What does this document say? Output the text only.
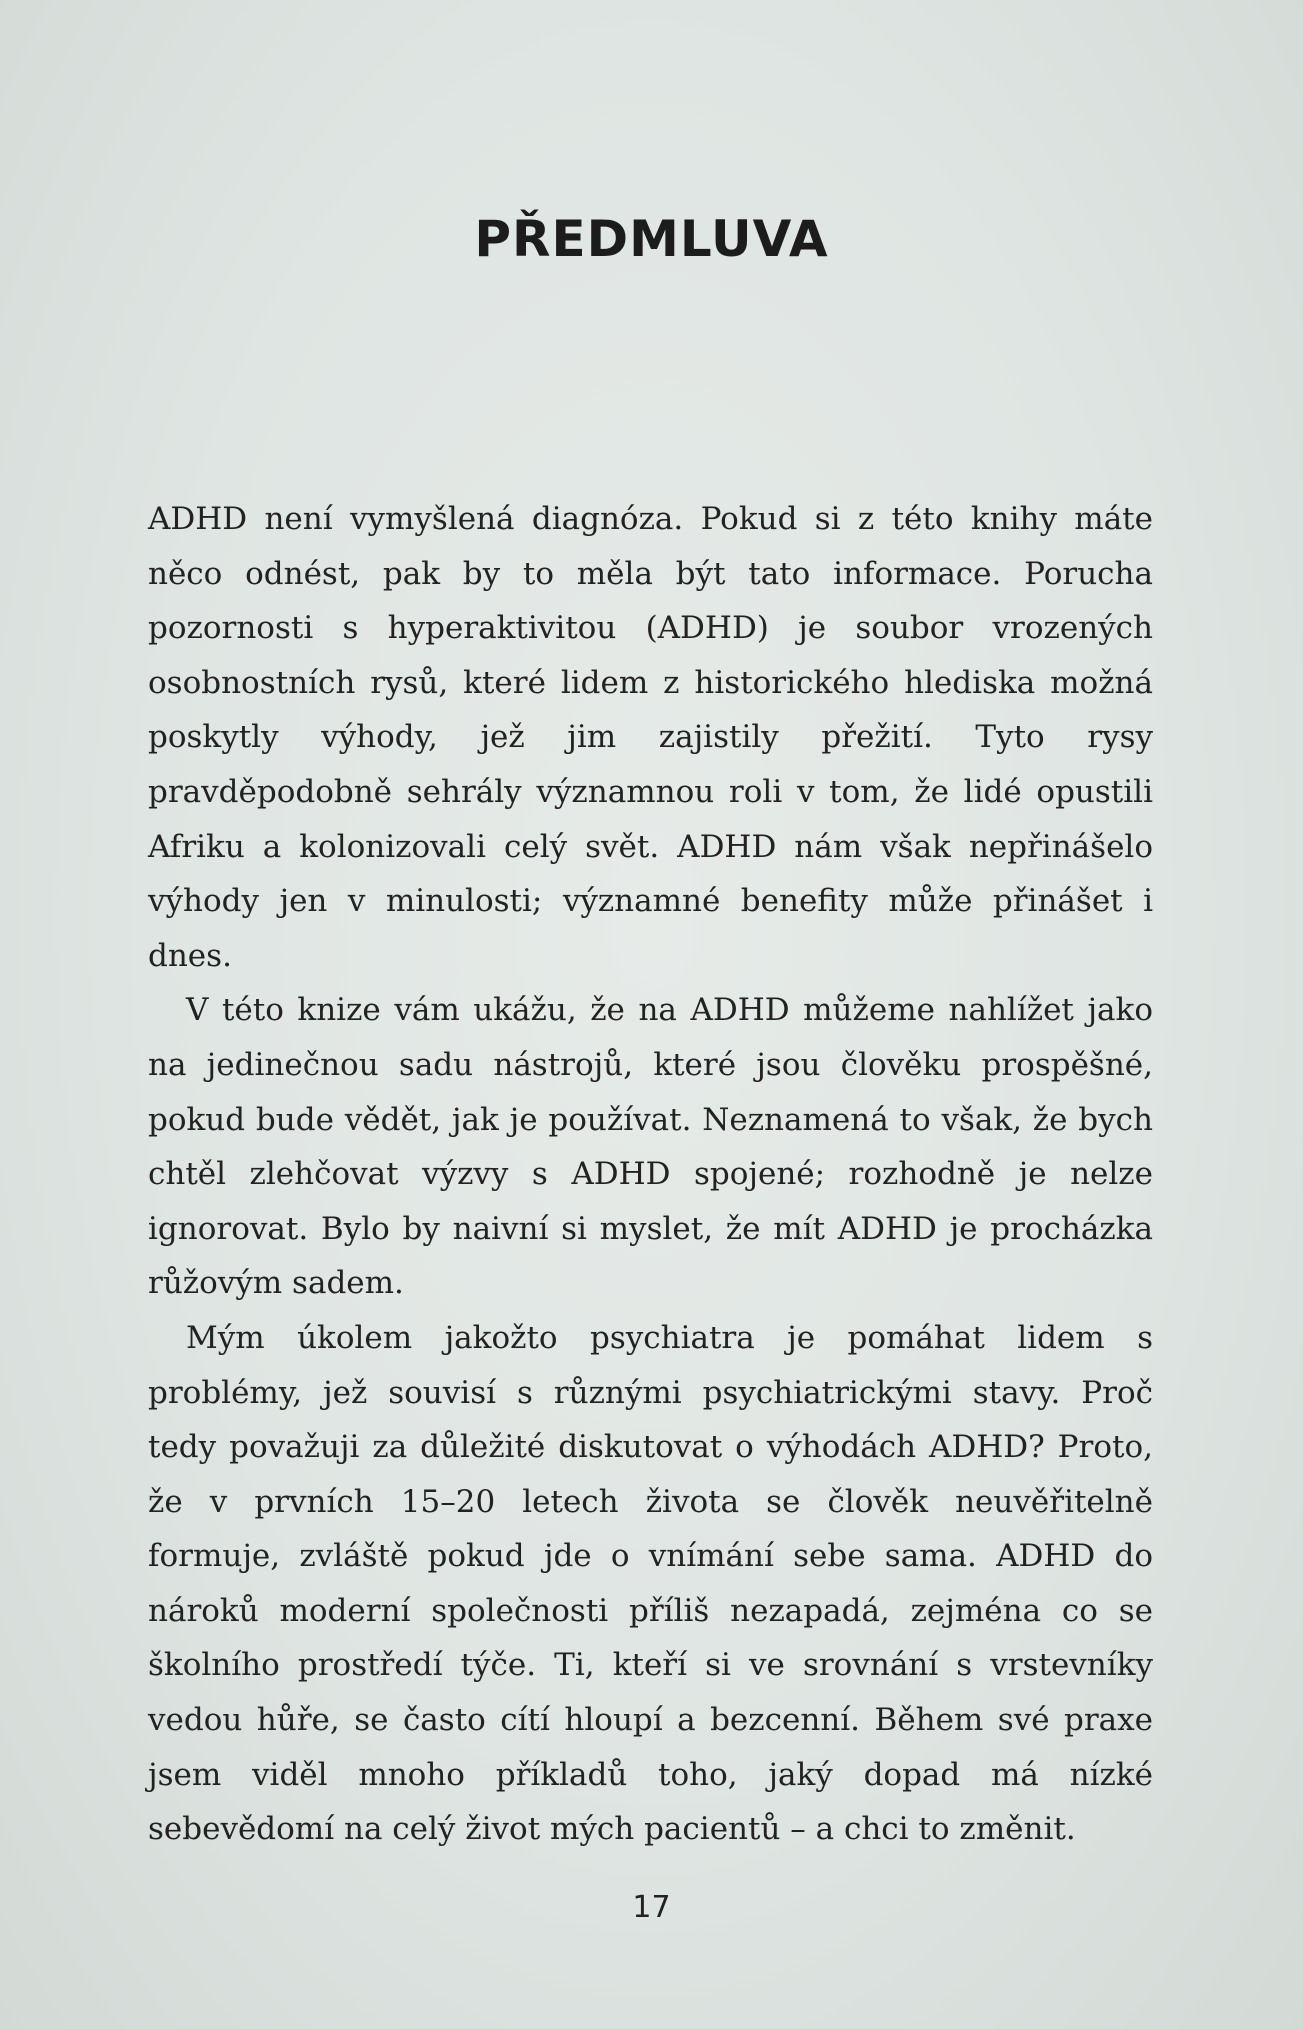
PŘEDMLUVA

ADHD není vymyšlená diagnóza. Pokud si z této knihy máte něco odnést, pak by to měla být tato informace. Porucha pozornosti s hyperaktivitou (ADHD) je soubor vrozených osobnostních rysů, které lidem z historického hlediska možná poskytly výhody, jež jim zajistily přežití. Tyto rysy pravděpodobně sehrály významnou roli v tom, že lidé opustili Afriku a kolonizovali celý svět. ADHD nám však nepřinášelo výhody jen v minulosti; významné benefity může přinášet i dnes.

V této knize vám ukážu, že na ADHD můžeme nahlížet jako na jedinečnou sadu nástrojů, které jsou člověku prospěšné, pokud bude vědět, jak je používat. Neznamená to však, že bych chtěl zlehčovat výzvy s ADHD spojené; rozhodně je nelze ignorovat. Bylo by naivní si myslet, že mít ADHD je procházka růžovým sadem.

Mým úkolem jakožto psychiatra je pomáhat lidem s problémy, jež souvisí s různými psychiatrickými stavy. Proč tedy považuji za důležité diskutovat o výhodách ADHD? Proto, že v prvních 15–20 letech života se člověk neuvěřitelně formuje, zvláště pokud jde o vnímání sebe sama. ADHD do nároků moderní společnosti příliš nezapadá, zejména co se školního prostředí týče. Ti, kteří si ve srovnání s vrstevníky vedou hůře, se často cítí hloupí a bezcenní. Během své praxe jsem viděl mnoho příkladů toho, jaký dopad má nízké sebevědomí na celý život mých pacientů – a chci to změnit.

17
